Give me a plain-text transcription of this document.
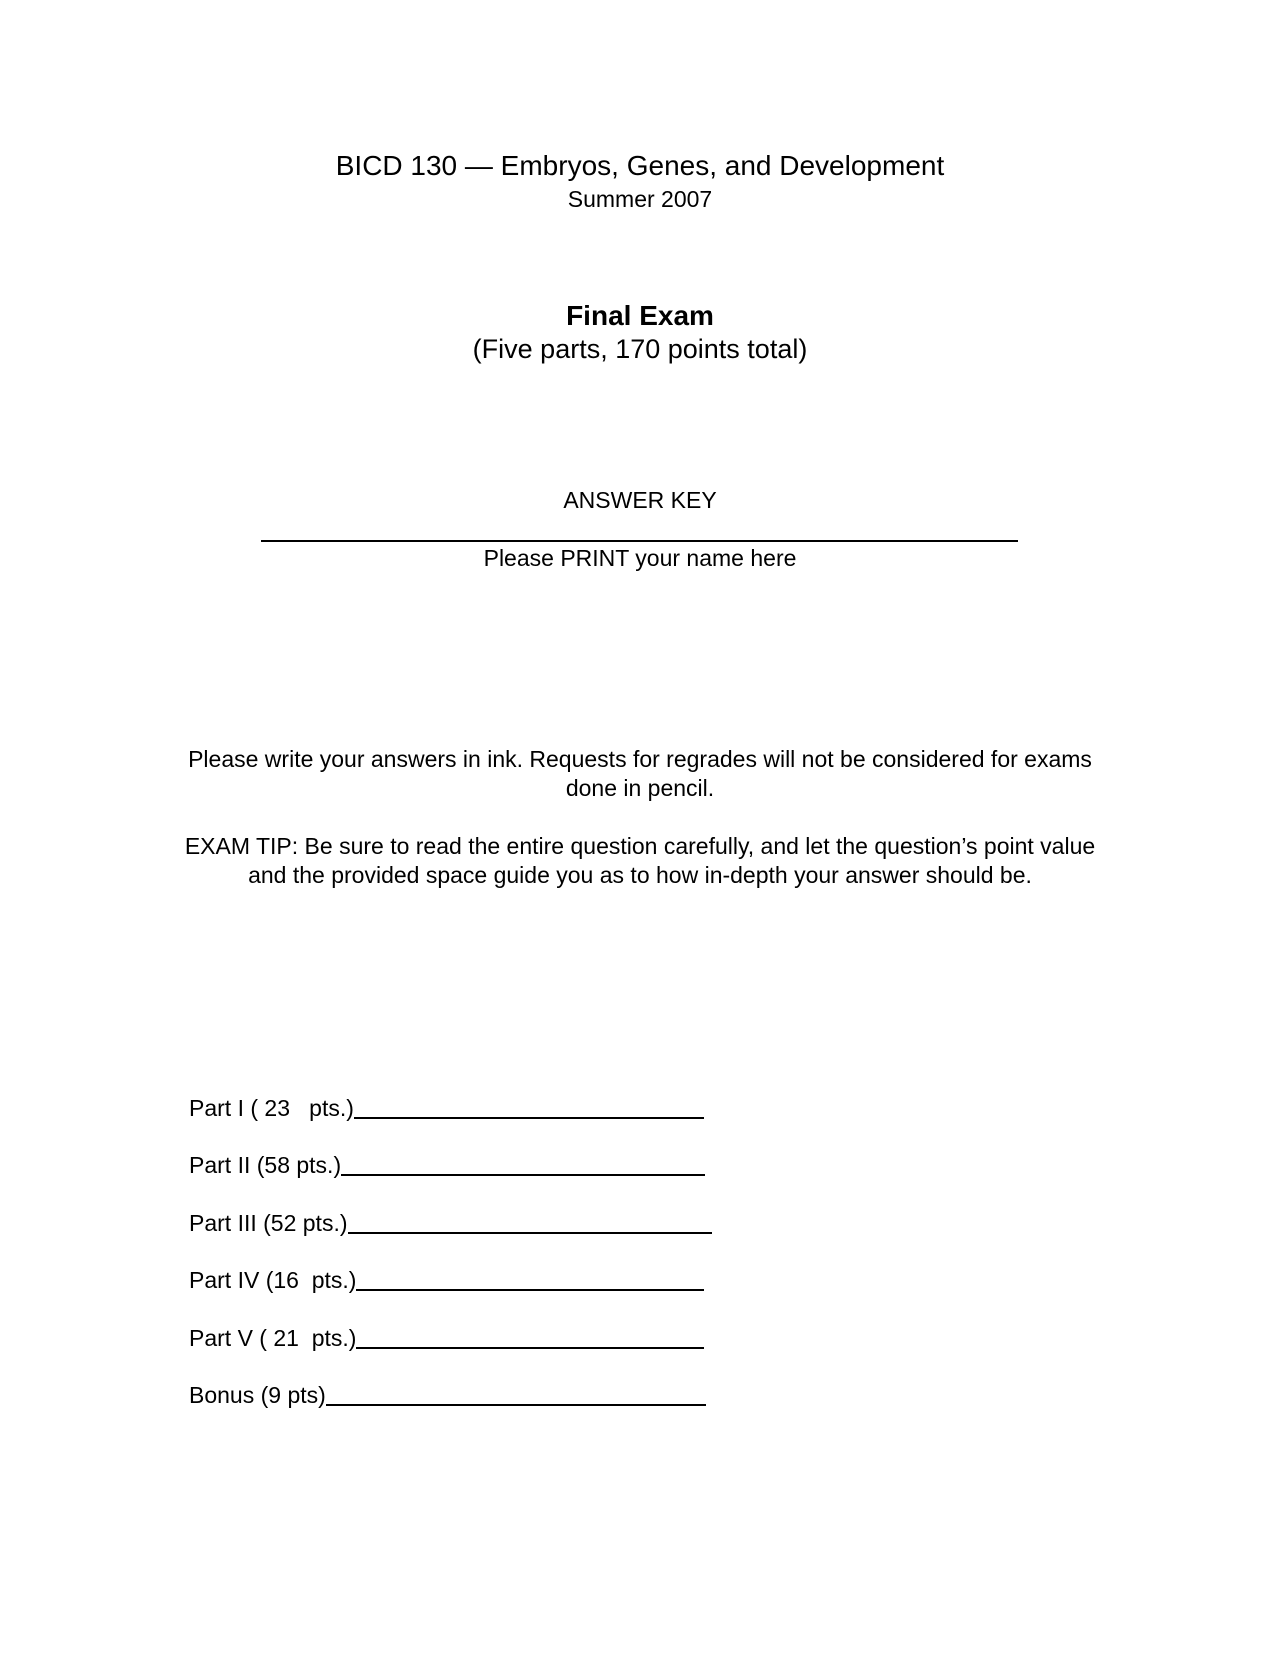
BICD 130 — Embryos, Genes, and Development
Summer 2007
Final Exam
(Five parts, 170 points total)
ANSWER KEY
Please PRINT your name here
Please write your answers in ink. Requests for regrades will not be considered for exams done in pencil.
EXAM TIP: Be sure to read the entire question carefully, and let the question’s point value and the provided space guide you as to how in-depth your answer should be.
Part I ( 23   pts.)
Part II (58 pts.)
Part III (52 pts.)
Part IV (16  pts.)
Part V ( 21  pts.)
Bonus (9 pts)
